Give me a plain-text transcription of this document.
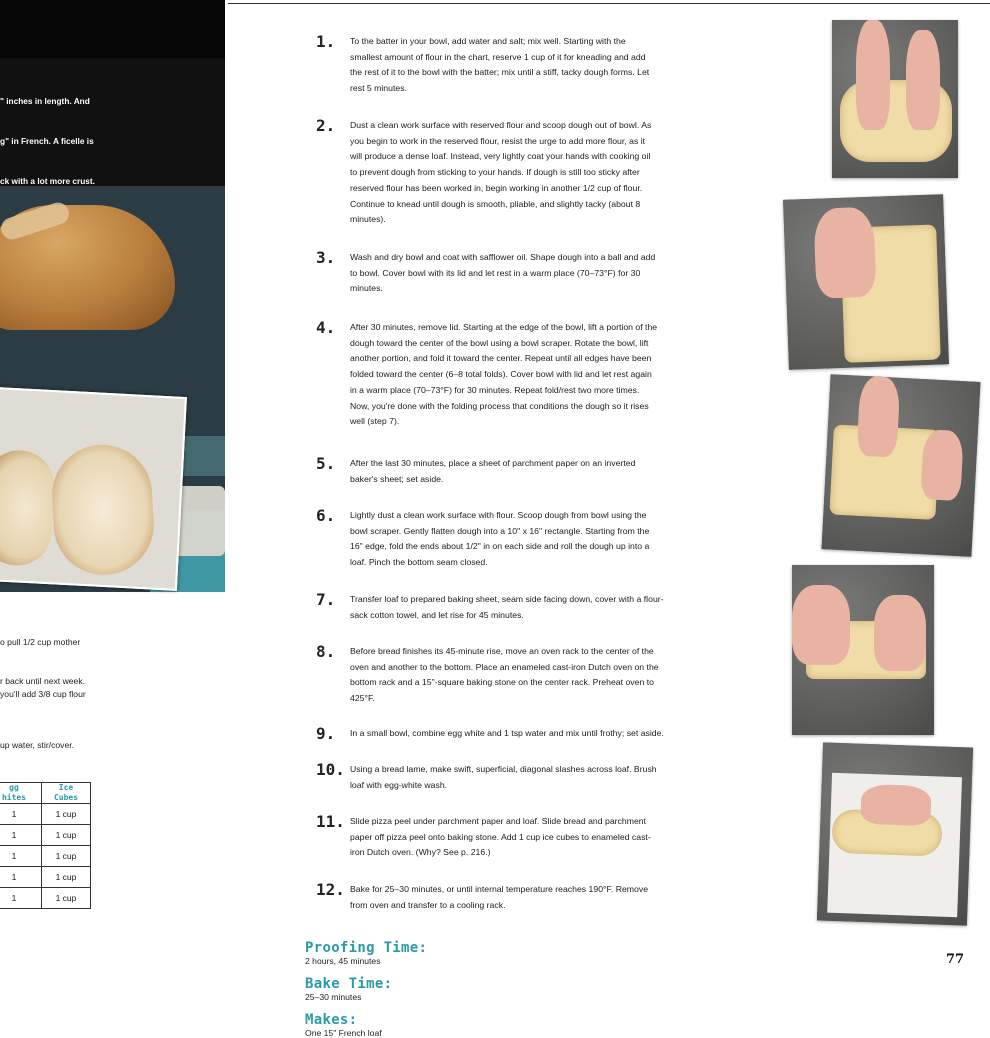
" inches in length. And

g" in French. A ficelle is

ck with a lot more crust.

o pull 1/2 cup mother

r back until next week.

you'll add 3/8 cup flour

up water, stir/cover.

gg
hites	Ice
Cubes
1	1 cup
1	1 cup
1	1 cup
1	1 cup
1	1 cup
1.	To the batter in your bowl, add water and salt; mix well. Starting with the
smallest amount of flour in the chart, reserve 1 cup of it for kneading and add
the rest of it to the bowl with the batter; mix until a stiff, tacky dough forms. Let
rest 5 minutes.
2.	Dust a clean work surface with reserved flour and scoop dough out of bowl. As
you begin to work in the reserved flour, resist the urge to add more flour, as it
will produce a dense loaf. Instead, very lightly coat your hands with cooking oil
to prevent dough from sticking to your hands. If dough is still too sticky after
reserved flour has been worked in, begin working in another 1/2 cup of flour.
Continue to knead until dough is smooth, pliable, and slightly tacky (about 8
minutes).
3.	Wash and dry bowl and coat with safflower oil. Shape dough into a ball and add
to bowl. Cover bowl with its lid and let rest in a warm place (70–73°F) for 30
minutes.
4.	After 30 minutes, remove lid. Starting at the edge of the bowl, lift a portion of the
dough toward the center of the bowl using a bowl scraper. Rotate the bowl, lift
another portion, and fold it toward the center. Repeat until all edges have been
folded toward the center (6–8 total folds). Cover bowl with lid and let rest again
in a warm place (70–73°F) for 30 minutes. Repeat fold/rest two more times.
Now, you're done with the folding process that conditions the dough so it rises
well (step 7).
5.	After the last 30 minutes, place a sheet of parchment paper on an inverted
baker's sheet; set aside.
6.	Lightly dust a clean work surface with flour. Scoop dough from bowl using the
bowl scraper. Gently flatten dough into a 10" x 16" rectangle. Starting from the
16" edge, fold the ends about 1/2" in on each side and roll the dough up into a
loaf. Pinch the bottom seam closed.
7.	Transfer loaf to prepared baking sheet, seam side facing down, cover with a flour-
sack cotton towel, and let rise for 45 minutes.
8.	Before bread finishes its 45-minute rise, move an oven rack to the center of the
oven and another to the bottom. Place an enameled cast-iron Dutch oven on the
bottom rack and a 15"-square baking stone on the center rack. Preheat oven to
425°F.
9.	In a small bowl, combine egg white and 1 tsp water and mix until frothy; set aside.
10. Using a bread lame, make swift, superficial, diagonal slashes across loaf. Brush
loaf with egg-white wash.
11. Slide pizza peel under parchment paper and loaf. Slide bread and parchment
paper off pizza peel onto baking stone. Add 1 cup ice cubes to enameled cast-
iron Dutch oven. (Why? See p. 216.)
12. Bake for 25–30 minutes, or until internal temperature reaches 190°F. Remove
from oven and transfer to a cooling rack.

Proofing Time:
2 hours, 45 minutes

Bake Time:
25–30 minutes

Makes:
One 15" French loaf

77
